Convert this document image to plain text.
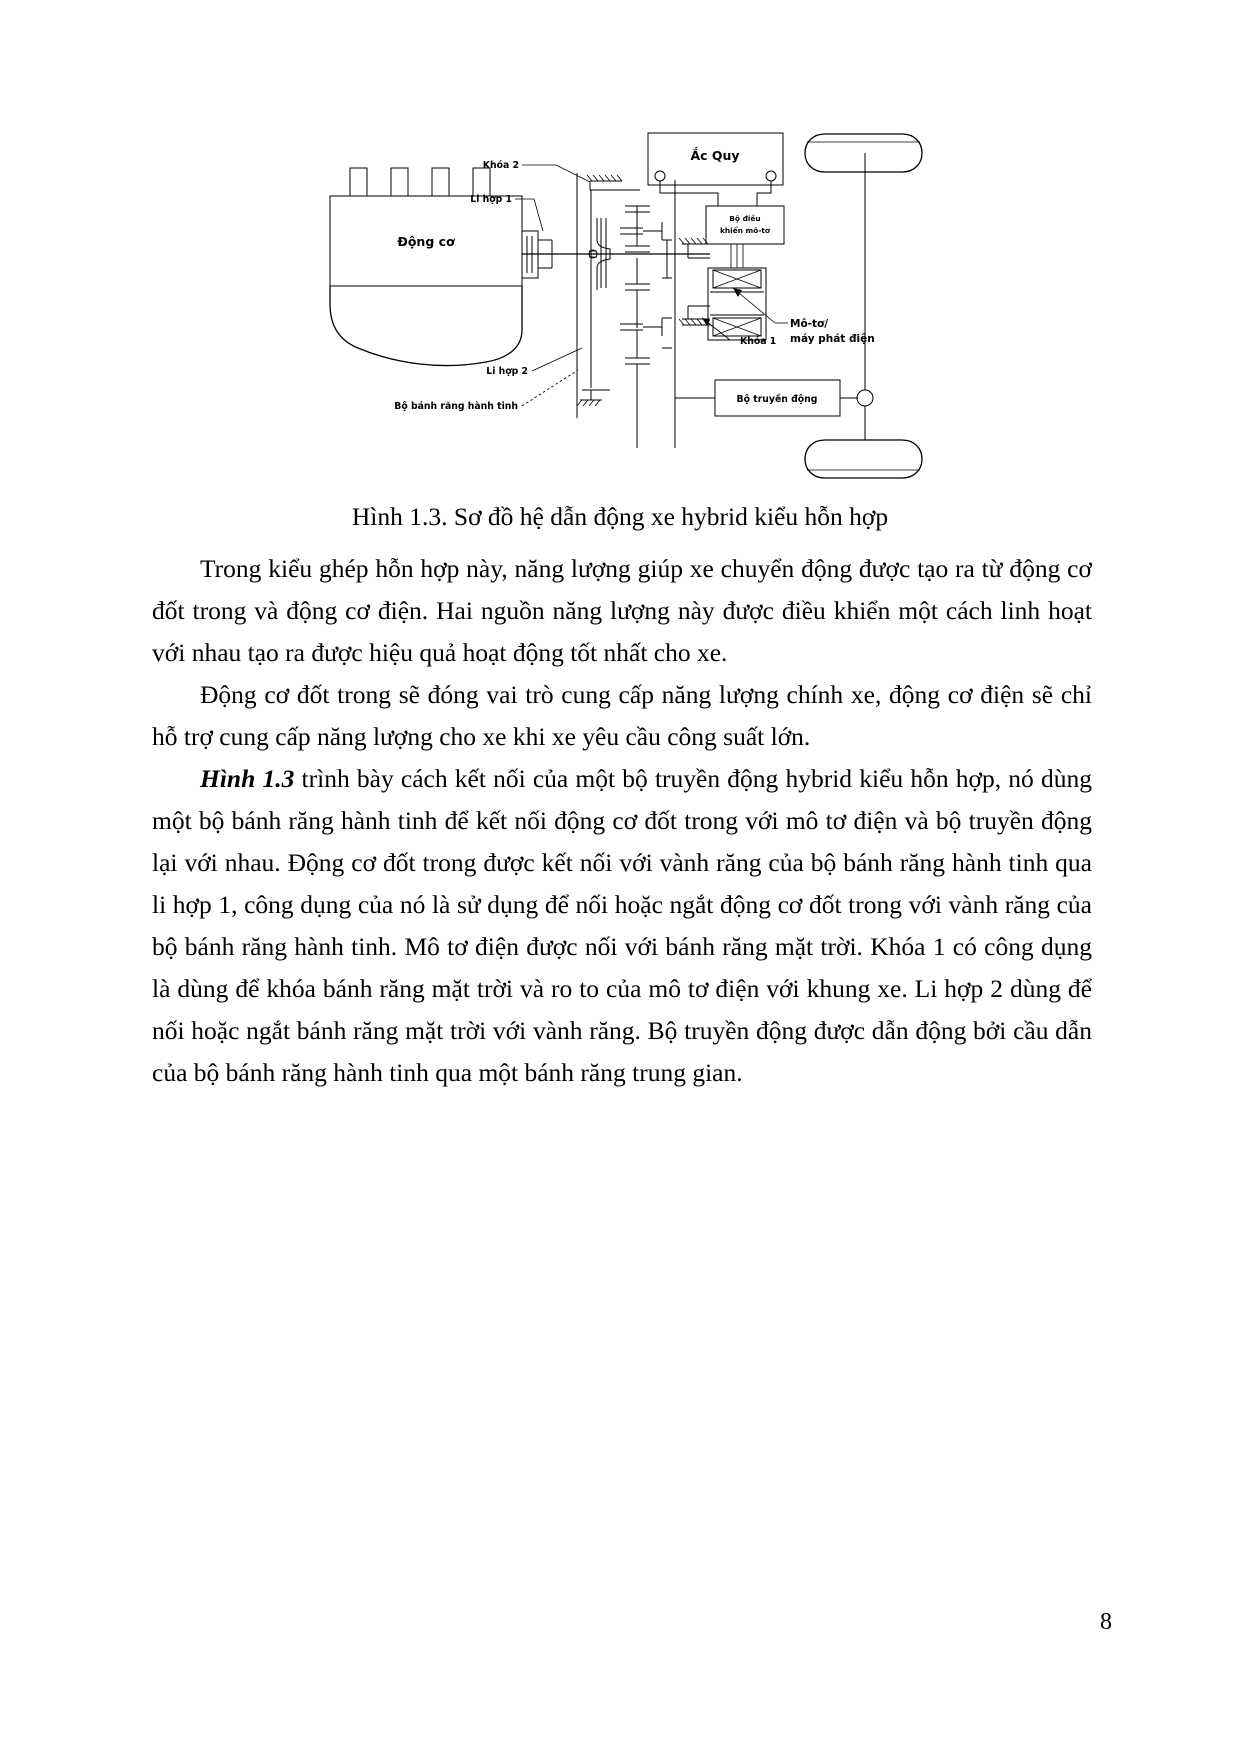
Động cơ
Li hợp 1
Khóa 2
Li hợp 2
Bộ bánh răng hành tinh
Khóa 1
Mô-tơ/
máy phát điện
Ắc Quy
Bộ điều
khiển mô-tơ
Bộ truyền động
Hình 1.3. Sơ đồ hệ dẫn động xe hybrid kiểu hỗn hợp

Trong kiểu ghép hỗn hợp này, năng lượng giúp xe chuyển động được tạo ra từ động cơ đốt trong và động cơ điện. Hai nguồn năng lượng này được điều khiển một cách linh hoạt với nhau tạo ra được hiệu quả hoạt động tốt nhất cho xe.

Động cơ đốt trong sẽ đóng vai trò cung cấp năng lượng chính xe, động cơ điện sẽ chỉ hỗ trợ cung cấp năng lượng cho xe khi xe yêu cầu công suất lớn.

Hình 1.3 trình bày cách kết nối của một bộ truyền động hybrid kiểu hỗn hợp, nó dùng một bộ bánh răng hành tinh để kết nối động cơ đốt trong với mô tơ điện và bộ truyền động lại với nhau. Động cơ đốt trong được kết nối với vành răng của bộ bánh răng hành tinh qua li hợp 1, công dụng của nó là sử dụng để nối hoặc ngắt động cơ đốt trong với vành răng của bộ bánh răng hành tinh. Mô tơ điện được nối với bánh răng mặt trời. Khóa 1 có công dụng là dùng để khóa bánh răng mặt trời và ro to của mô tơ điện với khung xe. Li hợp 2 dùng để nối hoặc ngắt bánh răng mặt trời với vành răng. Bộ truyền động được dẫn động bởi cầu dẫn của bộ bánh răng hành tinh qua một bánh răng trung gian.

8
